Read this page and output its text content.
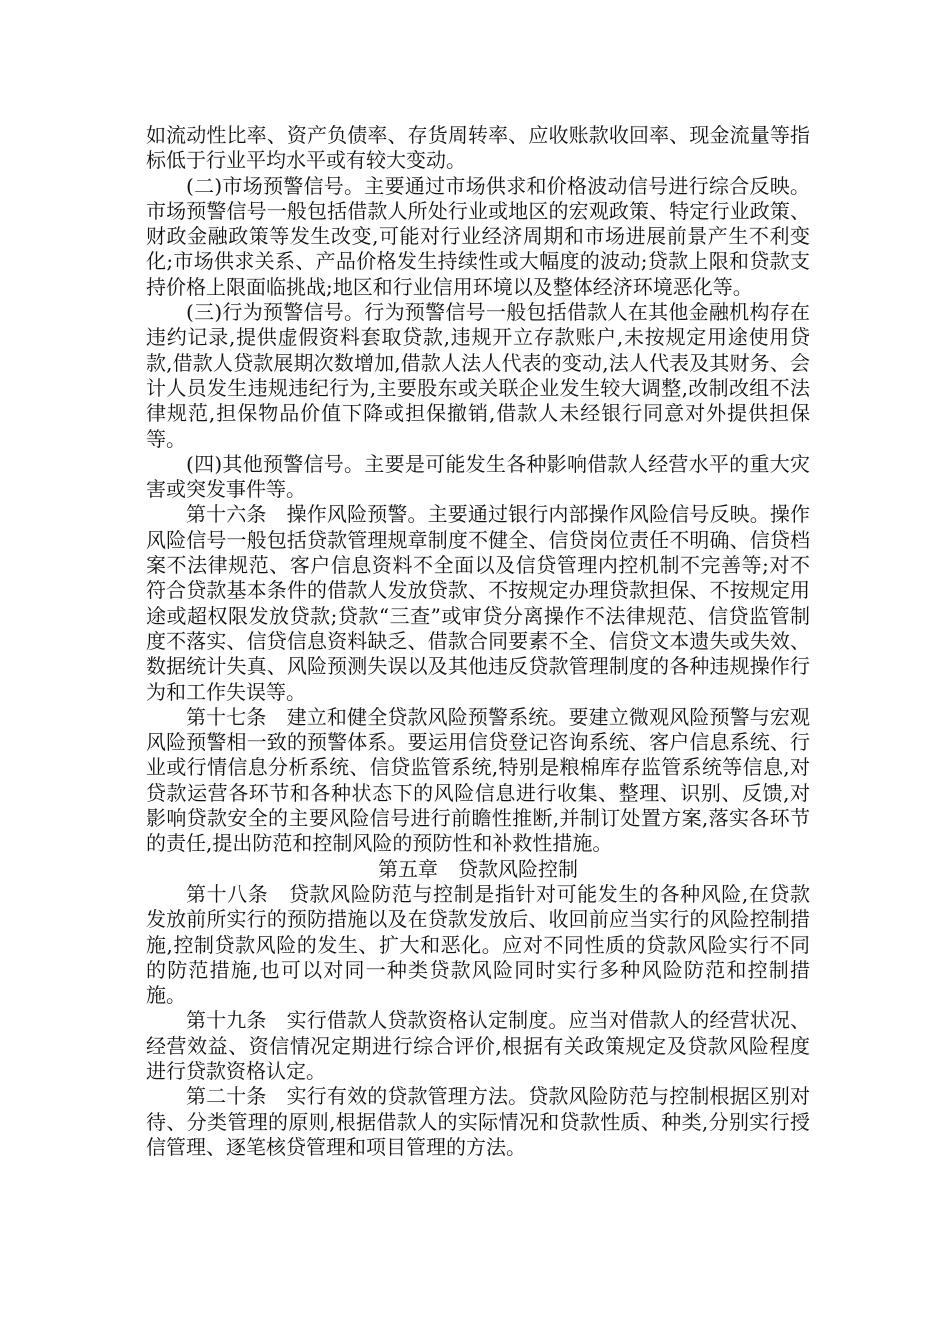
如流动性比率、资产负债率、存货周转率、应收账款收回率、现金流量等指标低于行业平均水平或有较大变动。

(二)市场预警信号。主要通过市场供求和价格波动信号进行综合反映。市场预警信号一般包括借款人所处行业或地区的宏观政策、特定行业政策、财政金融政策等发生改变,可能对行业经济周期和市场进展前景产生不利变化;市场供求关系、产品价格发生持续性或大幅度的波动;贷款上限和贷款支持价格上限面临挑战;地区和行业信用环境以及整体经济环境恶化等。

(三)行为预警信号。行为预警信号一般包括借款人在其他金融机构存在违约记录,提供虚假资料套取贷款,违规开立存款账户,未按规定用途使用贷款,借款人贷款展期次数增加,借款人法人代表的变动,法人代表及其财务、会计人员发生违规违纪行为,主要股东或关联企业发生较大调整,改制改组不法律规范,担保物品价值下降或担保撤销,借款人未经银行同意对外提供担保等。

(四)其他预警信号。主要是可能发生各种影响借款人经营水平的重大灾害或突发事件等。

第十六条　操作风险预警。主要通过银行内部操作风险信号反映。操作风险信号一般包括贷款管理规章制度不健全、信贷岗位责任不明确、信贷档案不法律规范、客户信息资料不全面以及信贷管理内控机制不完善等;对不符合贷款基本条件的借款人发放贷款、不按规定办理贷款担保、不按规定用途或超权限发放贷款;贷款“三查”或审贷分离操作不法律规范、信贷监管制度不落实、信贷信息资料缺乏、借款合同要素不全、信贷文本遗失或失效、数据统计失真、风险预测失误以及其他违反贷款管理制度的各种违规操作行为和工作失误等。

第十七条　建立和健全贷款风险预警系统。要建立微观风险预警与宏观风险预警相一致的预警体系。要运用信贷登记咨询系统、客户信息系统、行业或行情信息分析系统、信贷监管系统,特别是粮棉库存监管系统等信息,对贷款运营各环节和各种状态下的风险信息进行收集、整理、识别、反馈,对影响贷款安全的主要风险信号进行前瞻性推断,并制订处置方案,落实各环节的责任,提出防范和控制风险的预防性和补救性措施。

第五章　贷款风险控制

第十八条　贷款风险防范与控制是指针对可能发生的各种风险,在贷款发放前所实行的预防措施以及在贷款发放后、收回前应当实行的风险控制措施,控制贷款风险的发生、扩大和恶化。应对不同性质的贷款风险实行不同的防范措施,也可以对同一种类贷款风险同时实行多种风险防范和控制措施。

第十九条　实行借款人贷款资格认定制度。应当对借款人的经营状况、经营效益、资信情况定期进行综合评价,根据有关政策规定及贷款风险程度进行贷款资格认定。

第二十条　实行有效的贷款管理方法。贷款风险防范与控制根据区别对待、分类管理的原则,根据借款人的实际情况和贷款性质、种类,分别实行授信管理、逐笔核贷管理和项目管理的方法。
